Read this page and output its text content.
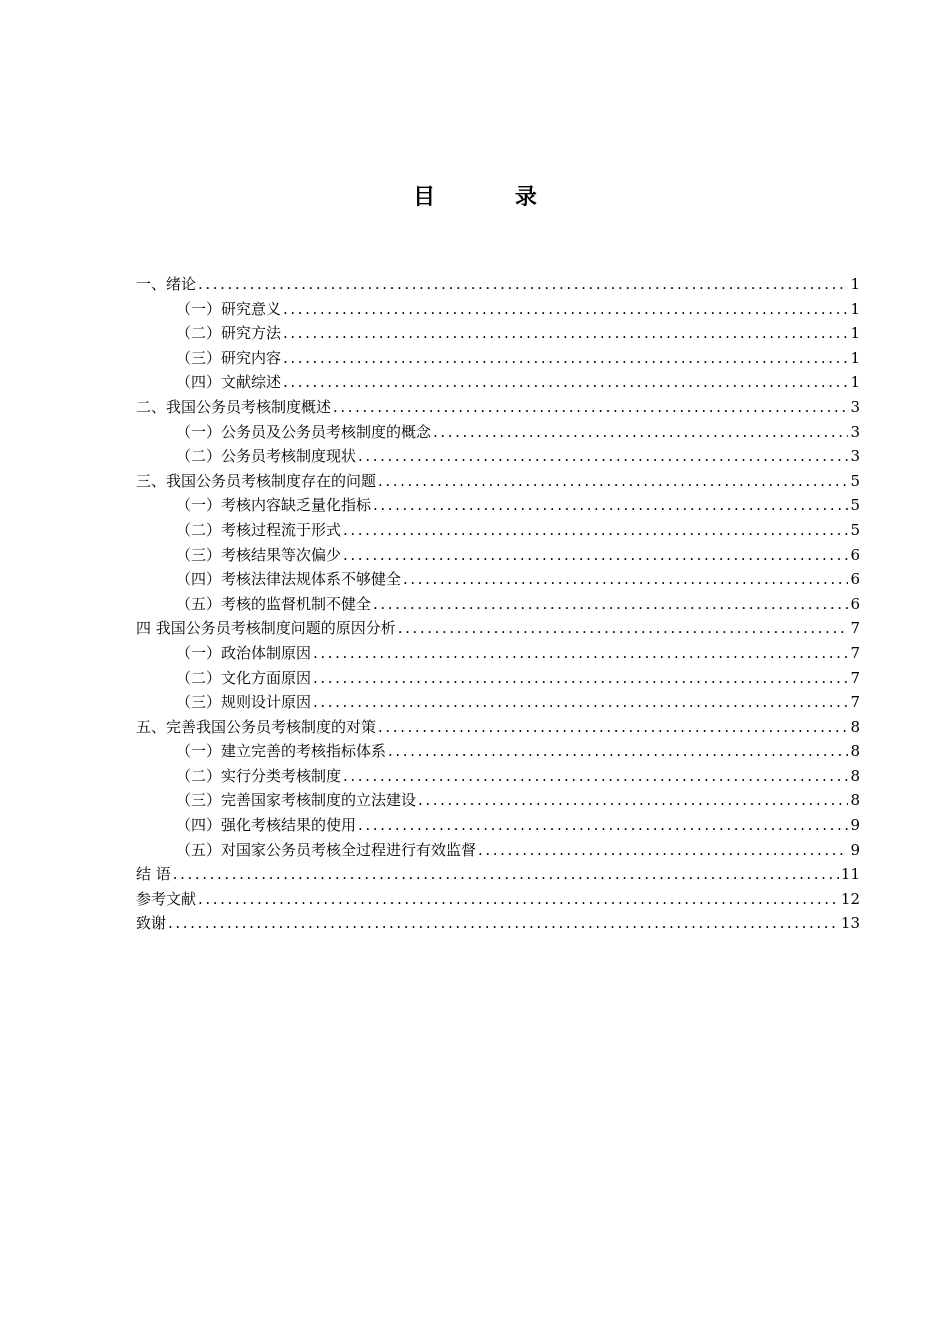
目 录
一、绪论 .....	1
（一）研究意义 .....	1
（二）研究方法 .....	1
（三）研究内容 .....	1
（四）文献综述 .....	1
二、我国公务员考核制度概述 .....	3
（一）公务员及公务员考核制度的概念 .....	3
（二）公务员考核制度现状 .....	3
三、我国公务员考核制度存在的问题 .....	5
（一）考核内容缺乏量化指标 .....	5
（二）考核过程流于形式 .....	5
（三）考核结果等次偏少 .....	6
（四）考核法律法规体系不够健全 .....	6
（五）考核的监督机制不健全 .....	6
四 我国公务员考核制度问题的原因分析 .....	7
（一）政治体制原因 .....	7
（二）文化方面原因 .....	7
（三）规则设计原因 .....	7
五、完善我国公务员考核制度的对策 .....	8
（一）建立完善的考核指标体系 .....	8
（二）实行分类考核制度 .....	8
（三）完善国家考核制度的立法建设 .....	8
（四）强化考核结果的使用 .....	9
（五）对国家公务员考核全过程进行有效监督 .....	9
结 语 .....	11
参考文献 .....	12
致谢 .....	13
